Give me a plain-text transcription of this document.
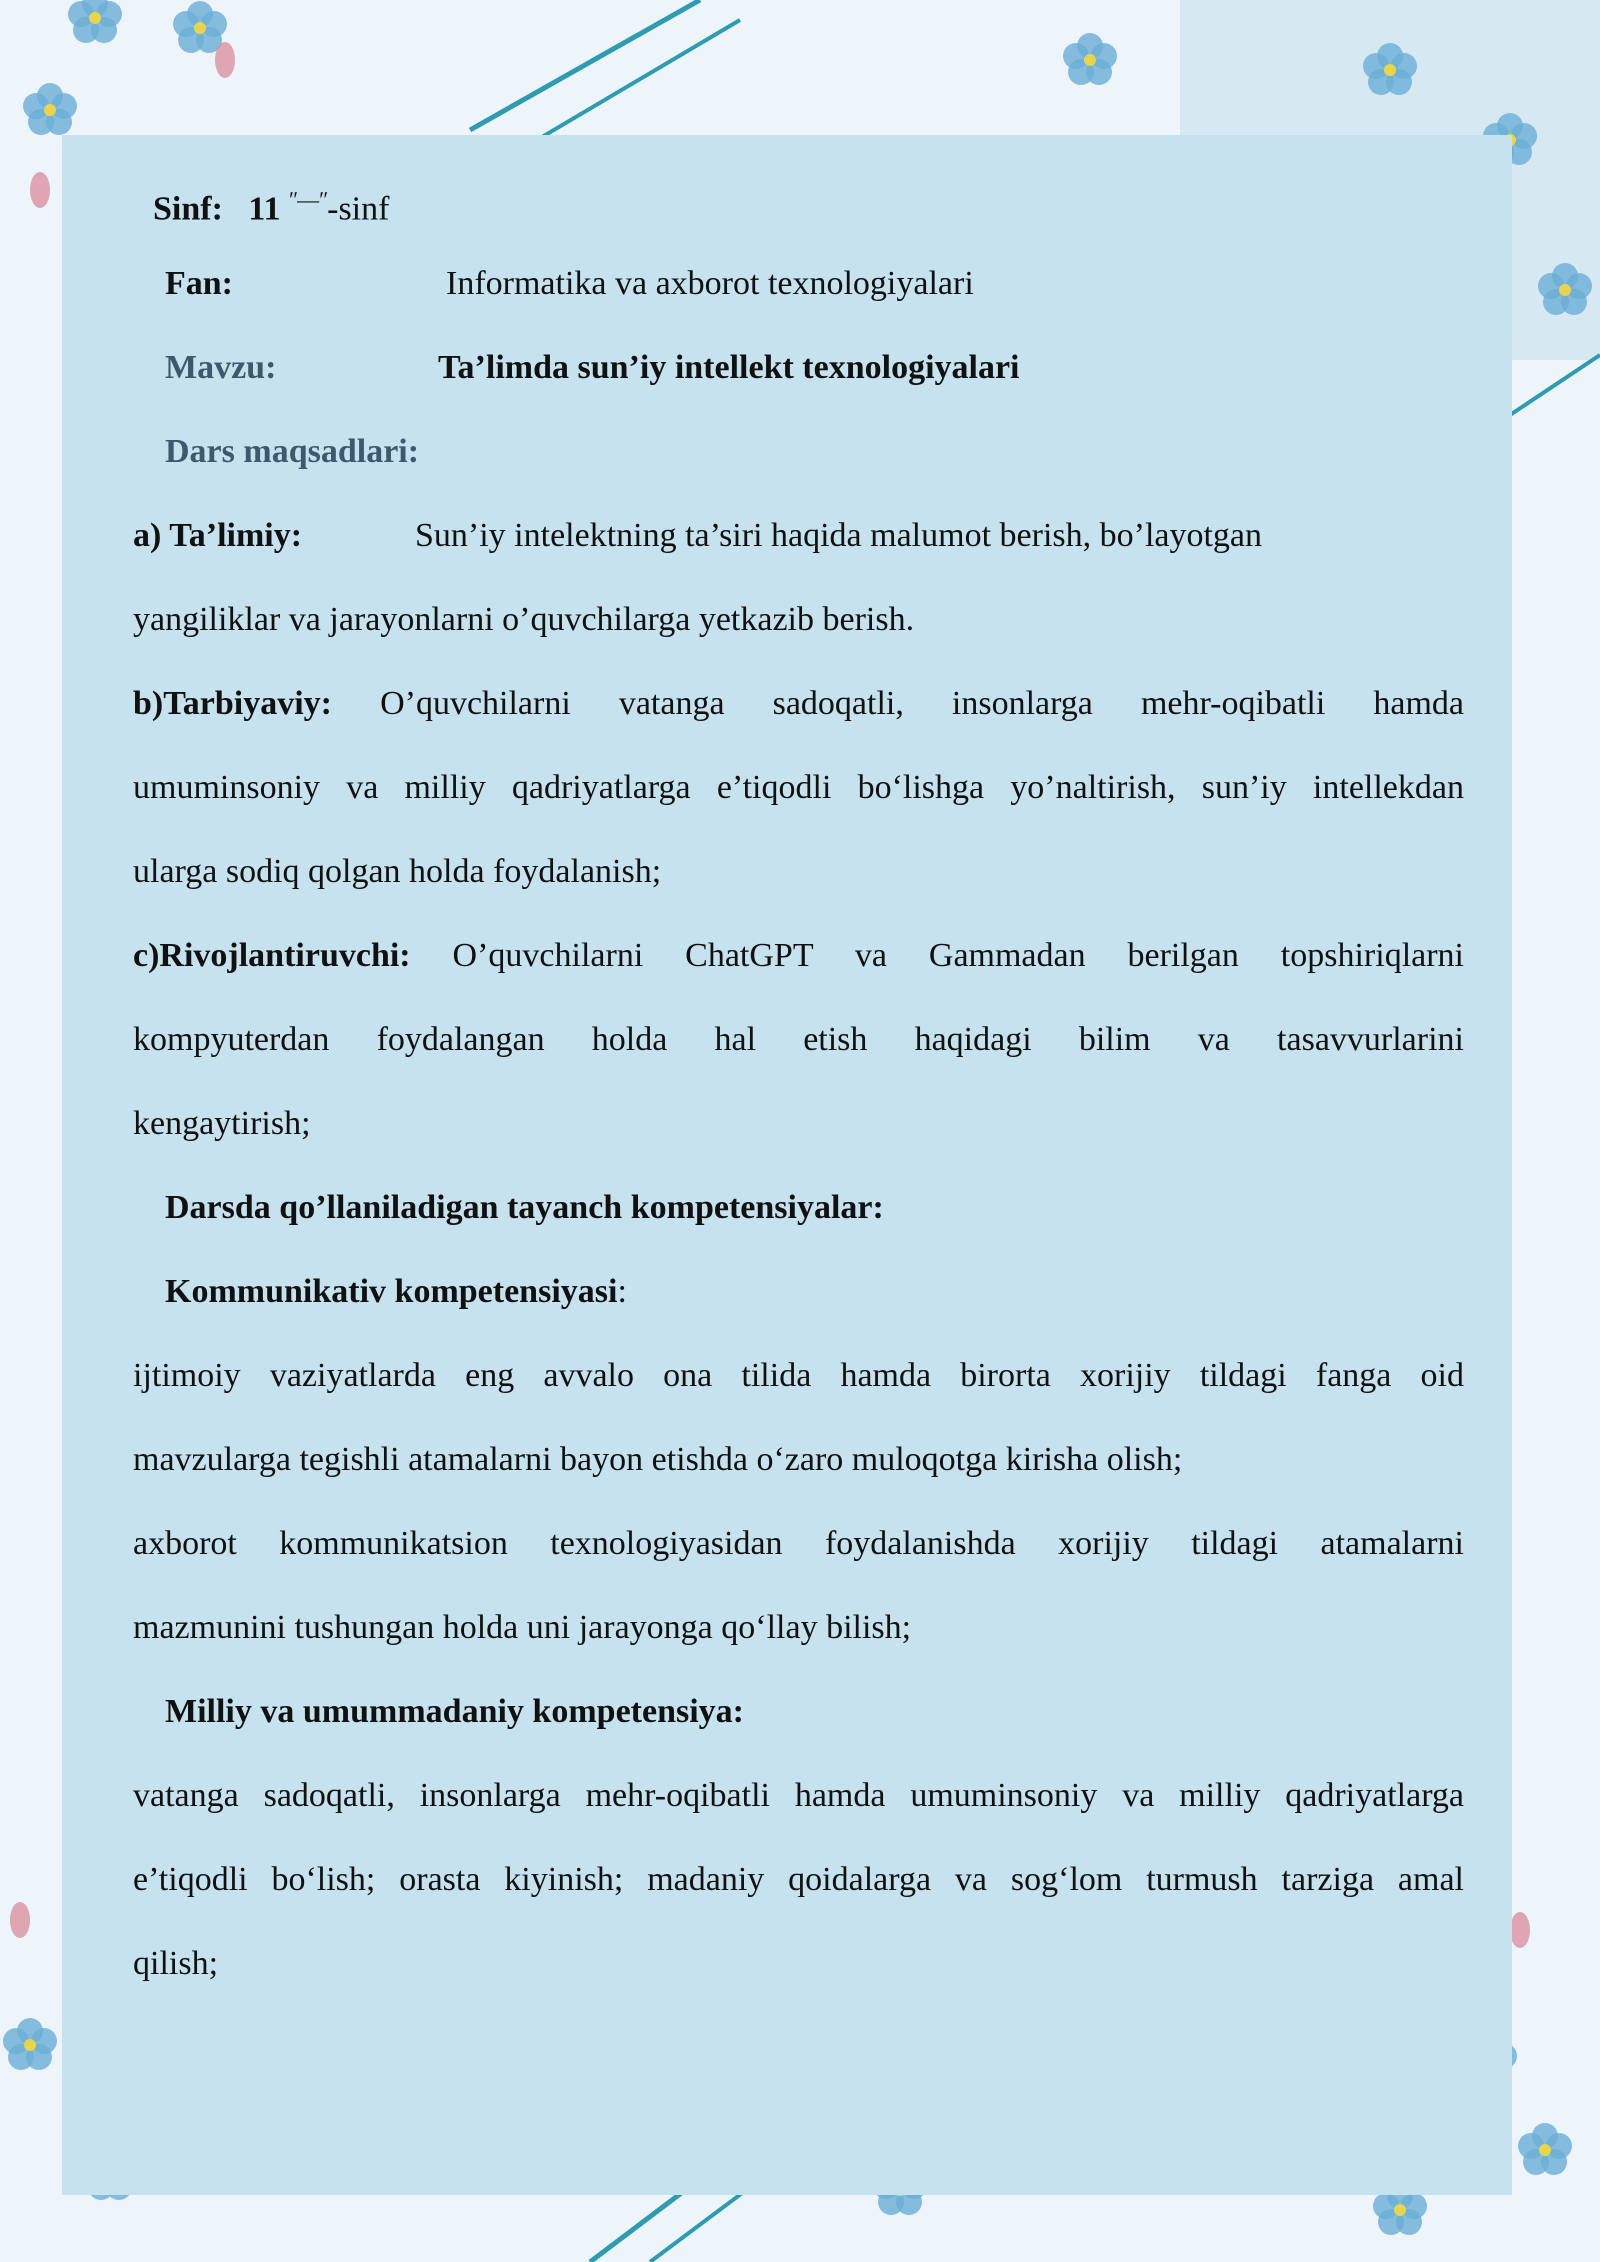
Sinf: 11 $^{ʺ—ʺ}$-sinf
Fan:	Informatika va axborot texnologiyalari
Mavzu:	Ta’limda sun’iy intellekt texnologiyalari
Dars maqsadlari:
a) Ta’limiy:	Sun’iy intelektning ta’siri haqida malumot berish, bo’layotgan
yangiliklar va jarayonlarni o’quvchilarga yetkazib berish.
b)Tarbiyaviy: O’quvchilarni vatanga sadoqatli, insonlarga mehr-oqibatli hamda
umuminsoniy va milliy qadriyatlarga e’tiqodli bo‘lishga yo’naltirish, sun’iy intellekdan
ularga sodiq qolgan holda foydalanish;
c)Rivojlantiruvchi: O’quvchilarni ChatGPT va Gammadan berilgan topshiriqlarni
kompyuterdan foydalangan holda hal etish haqidagi bilim va tasavvurlarini
kengaytirish;
Darsda qo’llaniladigan tayanch kompetensiyalar:
Kommunikativ kompetensiyasi:
ijtimoiy vaziyatlarda eng avvalo ona tilida hamda birorta xorijiy tildagi fanga oid
mavzularga tegishli atamalarni bayon etishda o‘zaro muloqotga kirisha olish;
axborot kommunikatsion texnologiyasidan foydalanishda xorijiy tildagi atamalarni
mazmunini tushungan holda uni jarayonga qo‘llay bilish;
Milliy va umummadaniy kompetensiya:
vatanga sadoqatli, insonlarga mehr-oqibatli hamda umuminsoniy va milliy qadriyatlarga
e’tiqodli bo‘lish; orasta kiyinish; madaniy qoidalarga va sog‘lom turmush tarziga amal
qilish;
